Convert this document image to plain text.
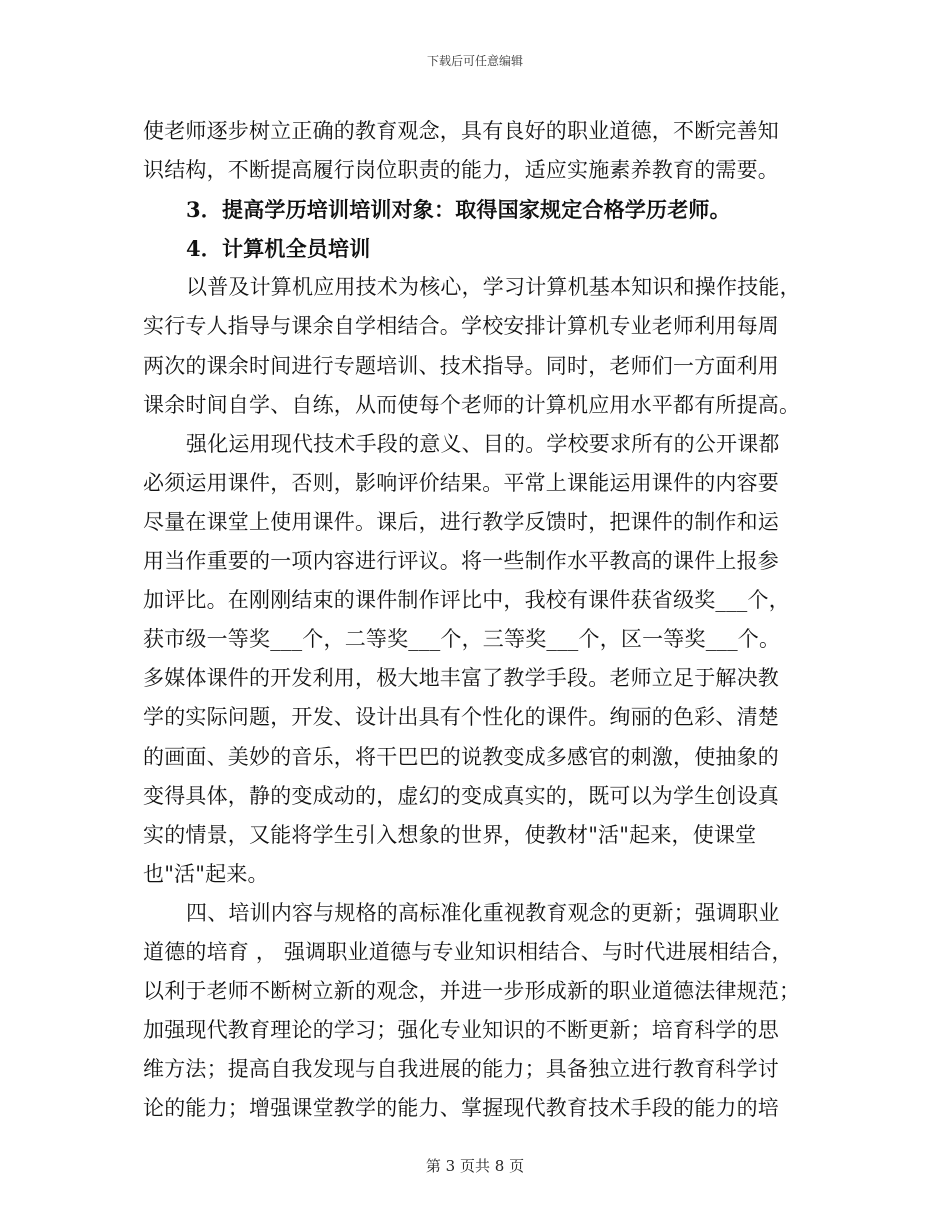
下载后可任意编辑
使老师逐步树立正确的教育观念，具有良好的职业道德，不断完善知
识结构，不断提高履行岗位职责的能力，适应实施素养教育的需要。
3．提高学历培训培训对象：取得国家规定合格学历老师。
4．计算机全员培训
以普及计算机应用技术为核心，学习计算机基本知识和操作技能，
实行专人指导与课余自学相结合。学校安排计算机专业老师利用每周
两次的课余时间进行专题培训、技术指导。同时，老师们一方面利用
课余时间自学、自练，从而使每个老师的计算机应用水平都有所提高。
强化运用现代技术手段的意义、目的。学校要求所有的公开课都
必须运用课件，否则，影响评价结果。平常上课能运用课件的内容要
尽量在课堂上使用课件。课后，进行教学反馈时，把课件的制作和运
用当作重要的一项内容进行评议。将一些制作水平教高的课件上报参
加评比。在刚刚结束的课件制作评比中，我校有课件获省级奖___个，
获市级一等奖___个，二等奖___个，三等奖___个，区一等奖___个。
多媒体课件的开发利用，极大地丰富了教学手段。老师立足于解决教
学的实际问题，开发、设计出具有个性化的课件。绚丽的色彩、清楚
的画面、美妙的音乐，将干巴巴的说教变成多感官的刺激，使抽象的
变得具体，静的变成动的，虚幻的变成真实的，既可以为学生创设真
实的情景，又能将学生引入想象的世界，使教材"活"起来，使课堂
也"活"起来。
四、培训内容与规格的高标准化重视教育观念的更新；强调职业
道德的培育 ， 强调职业道德与专业知识相结合、与时代进展相结合，
以利于老师不断树立新的观念，并进一步形成新的职业道德法律规范；
加强现代教育理论的学习；强化专业知识的不断更新；培育科学的思
维方法；提高自我发现与自我进展的能力；具备独立进行教育科学讨
论的能力；增强课堂教学的能力、掌握现代教育技术手段的能力的培
第 3 页共 8 页
